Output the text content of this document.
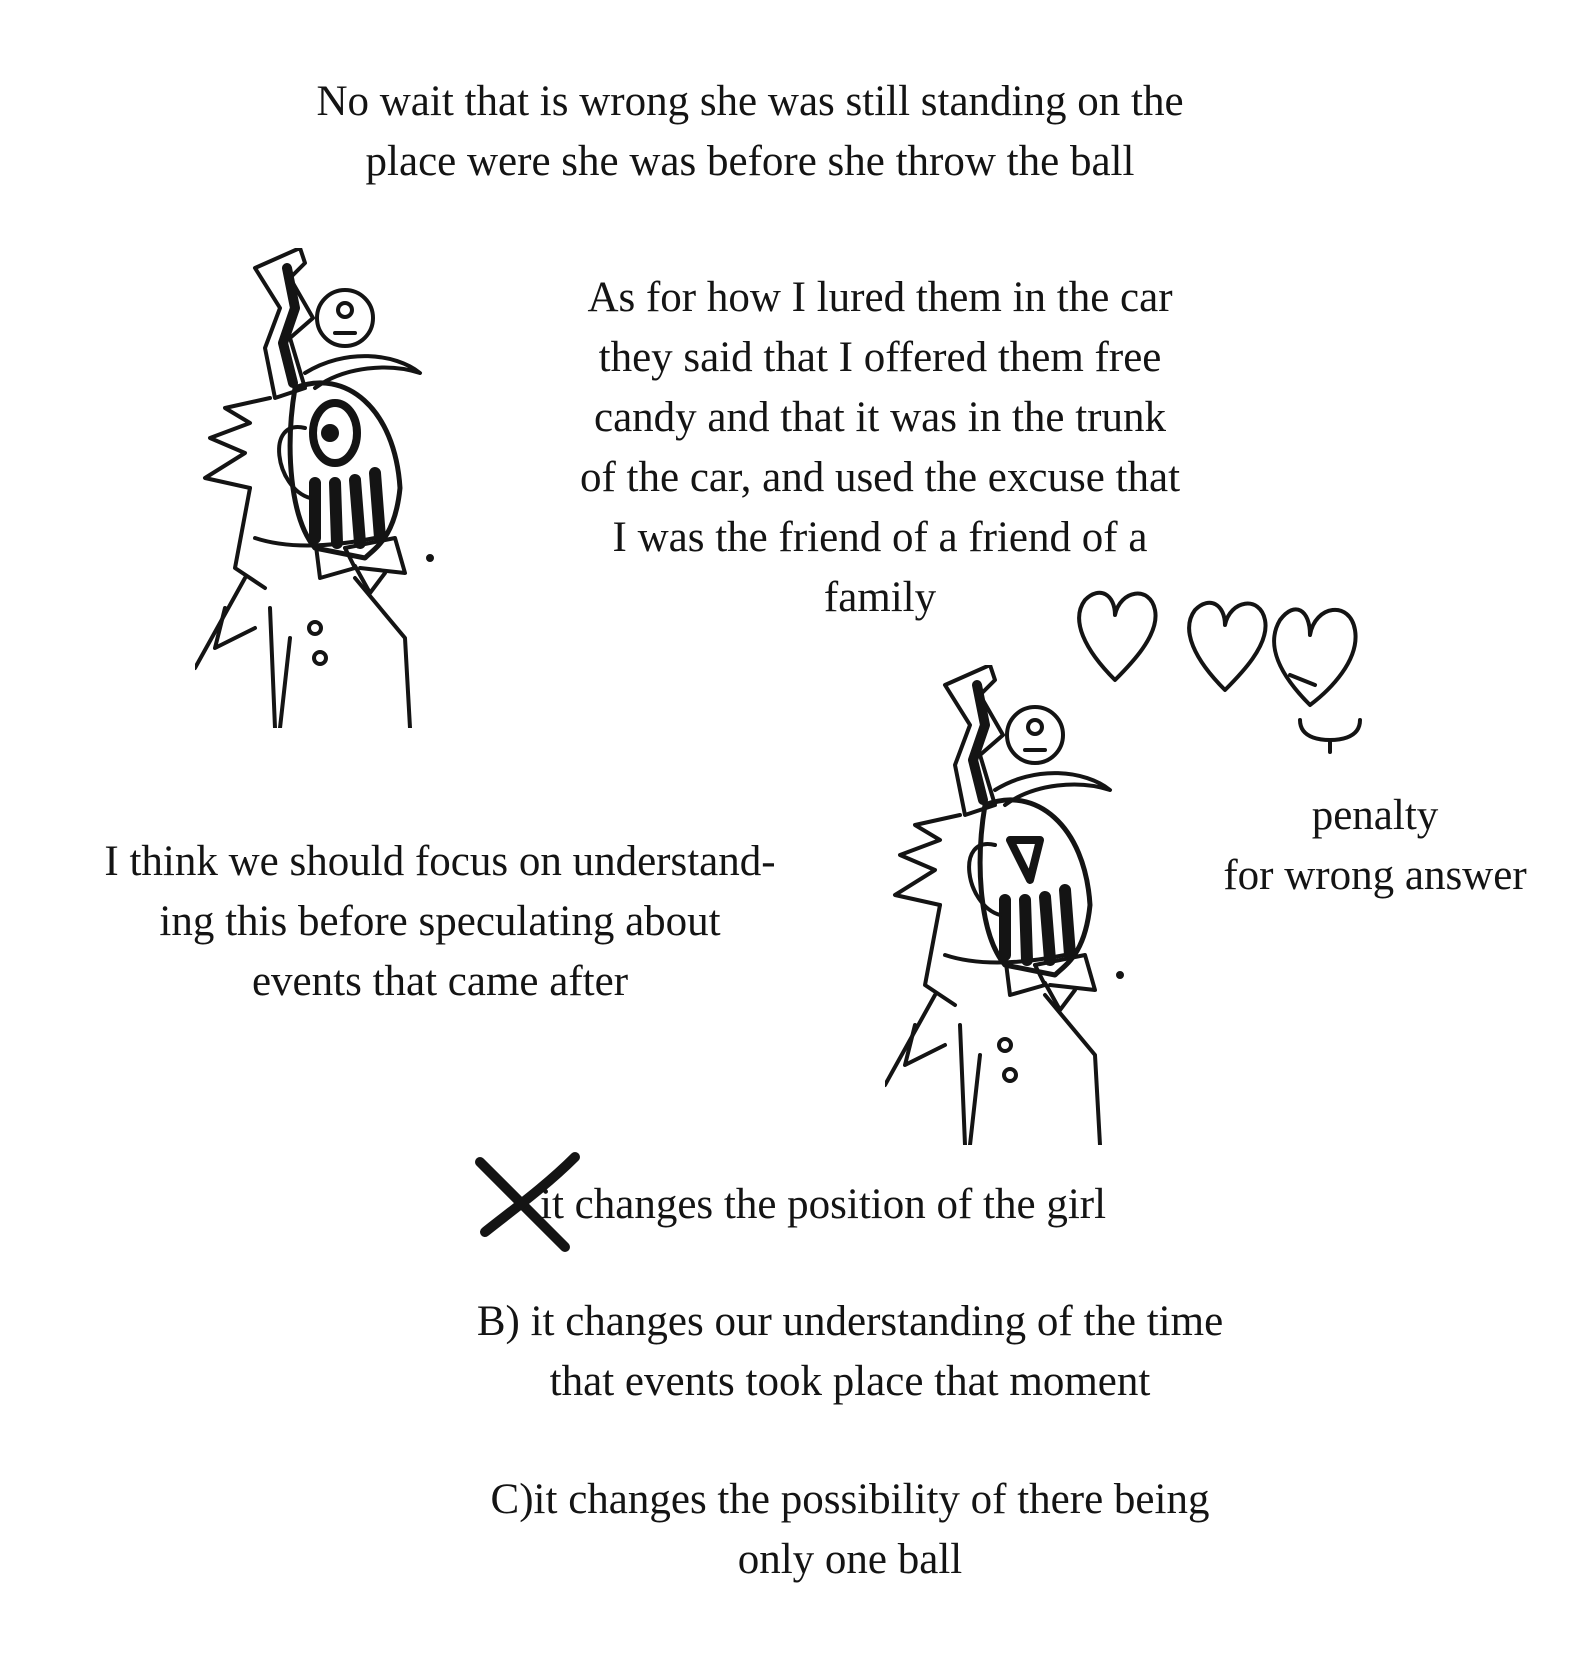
No wait that is wrong she was still standing on the
place were she was before she throw the ball
As for how I lured them in the car
they said that I offered them free
candy and that it was in the trunk
of the car, and used the excuse that
I was the friend of a friend of a
family
penalty
for wrong answer
I think we should focus on understand-
ing this before speculating about
events that came after
it changes the position of the girl
B) it changes our understanding of the time
that events took place that moment
C)it changes the possibility of there being
only one ball
